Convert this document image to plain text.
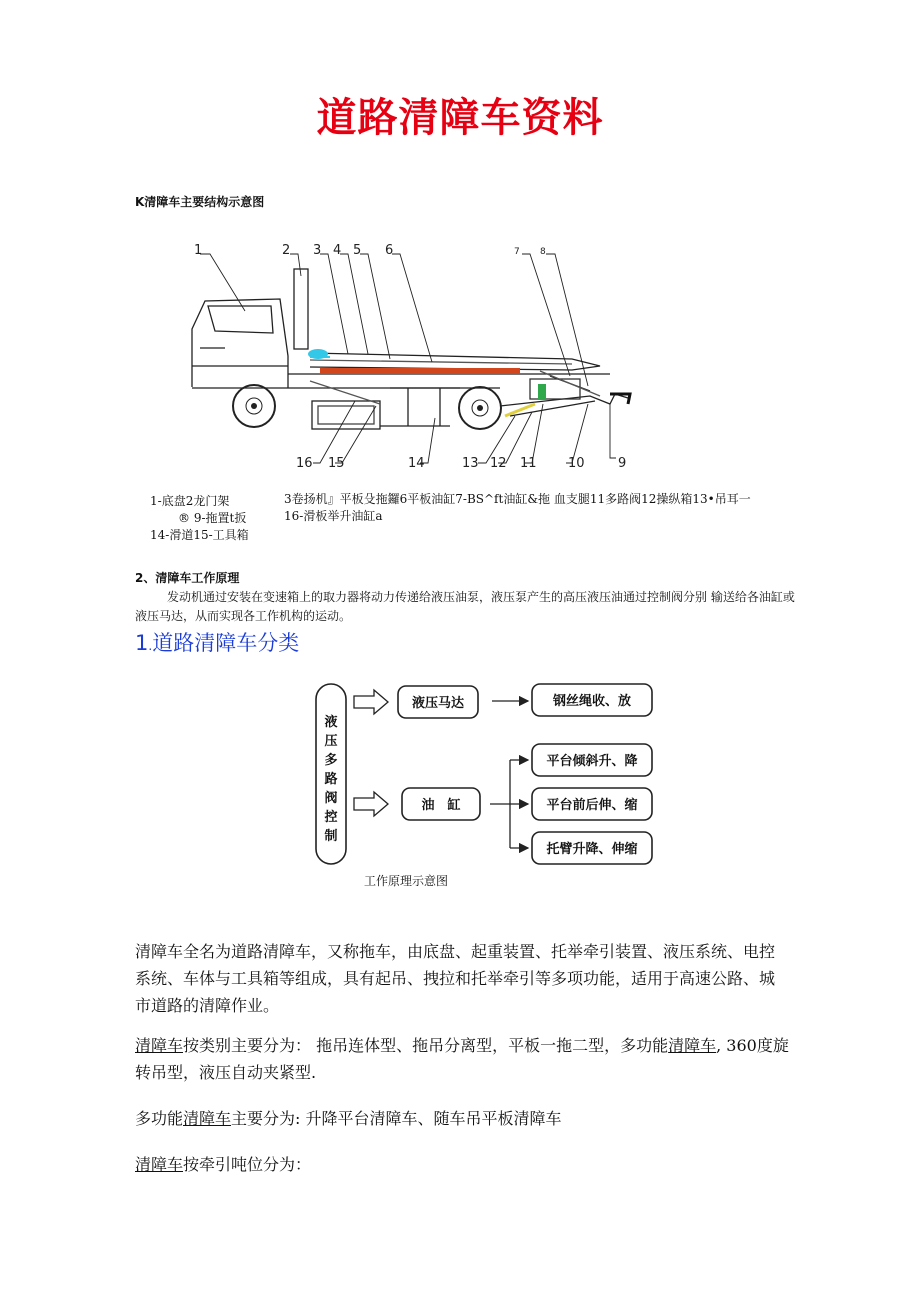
道路清障车资料
K清障车主要结构示意图
1	2 3 4 5 6	7 8
9
10
11
12
13
14
15
16
1-底盘2龙门架
® 9-拖置t扳
14-滑道15-工具箱
3卷扬机』平板殳拖鑼6平板油缸7-BS^ft油缸&拖 血支腿11多路阀12操纵箱13•吊耳一
16-滑板举升油缸a
2、清障车工作原理
发动机通过安装在变速箱上的取力器将动力传递给液压油泵，液压泵产生的高压液压油通过控制阀分别 输送给各油缸或液压马达，从而实现各工作机构的运动。
1.道路清障车分类
液
压
多
路
阀
控
制
液压马达
油　缸
钢丝绳收、放
平台倾斜升、降
平台前后伸、缩
托臂升降、伸缩
工作原理示意图
清障车全名为道路清障车，又称拖车，由底盘、起重装置、托举牵引装置、液压系统、电控 系统、车体与工具箱等组成，具有起吊、拽拉和托举牵引等多项功能，适用于高速公路、城 市道路的清障作业。
清障车按类别主要分为： 拖吊连体型、拖吊分离型，平板一拖二型，多功能清障车, 360度旋转吊型，液压自动夹紧型.
多功能清障车主要分为: 升降平台清障车、随车吊平板清障车
清障车按牵引吨位分为：
